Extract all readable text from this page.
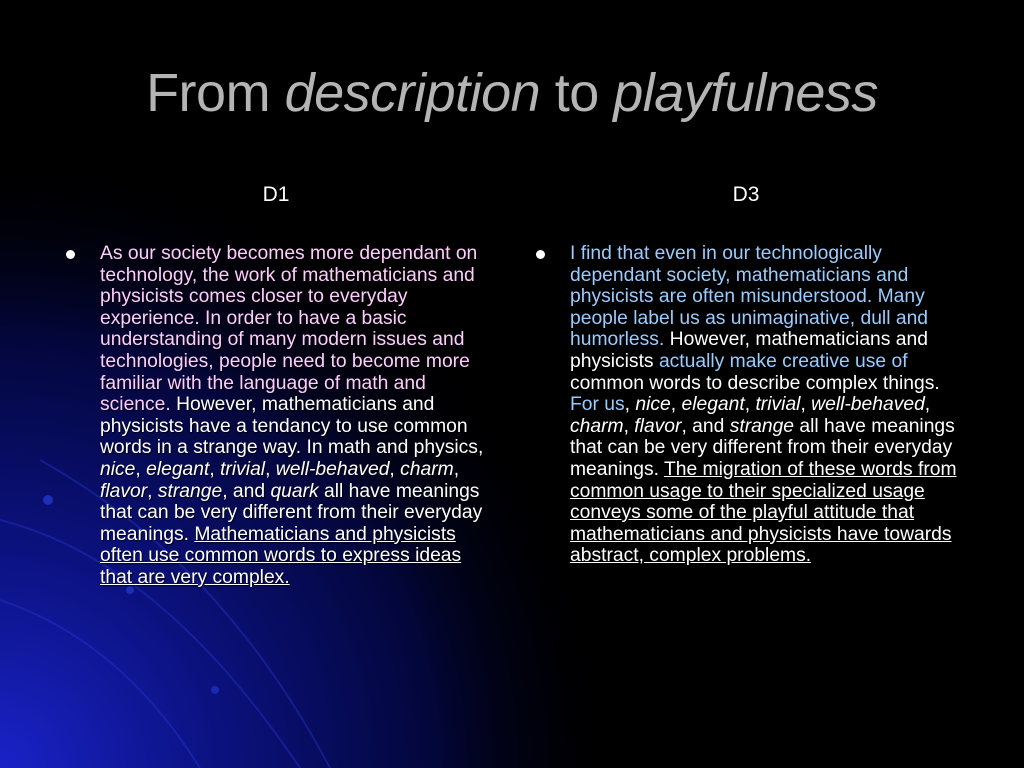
From description to playfulness
D1	D3
As our society becomes more dependant on technology, the work of mathematicians and physicists comes closer to everyday experience. In order to have a basic understanding of many modern issues and technologies, people need to become more familiar with the language of math and science. However, mathematicians and physicists have a tendancy to use common words in a strange way. In math and physics, nice, elegant, trivial, well-behaved, charm, flavor, strange, and quark all have meanings that can be very different from their everyday meanings. Mathematicians and physicists often use common words to express ideas that are very complex.
I find that even in our technologically dependant society, mathematicians and physicists are often misunderstood. Many people label us as unimaginative, dull and humorless. However, mathematicians and physicists actually make creative use of common words to describe complex things. For us, nice, elegant, trivial, well-behaved, charm, flavor, and strange all have meanings that can be very different from their everyday meanings. The migration of these words from common usage to their specialized usage conveys some of the playful attitude that mathematicians and physicists have towards abstract, complex problems.
